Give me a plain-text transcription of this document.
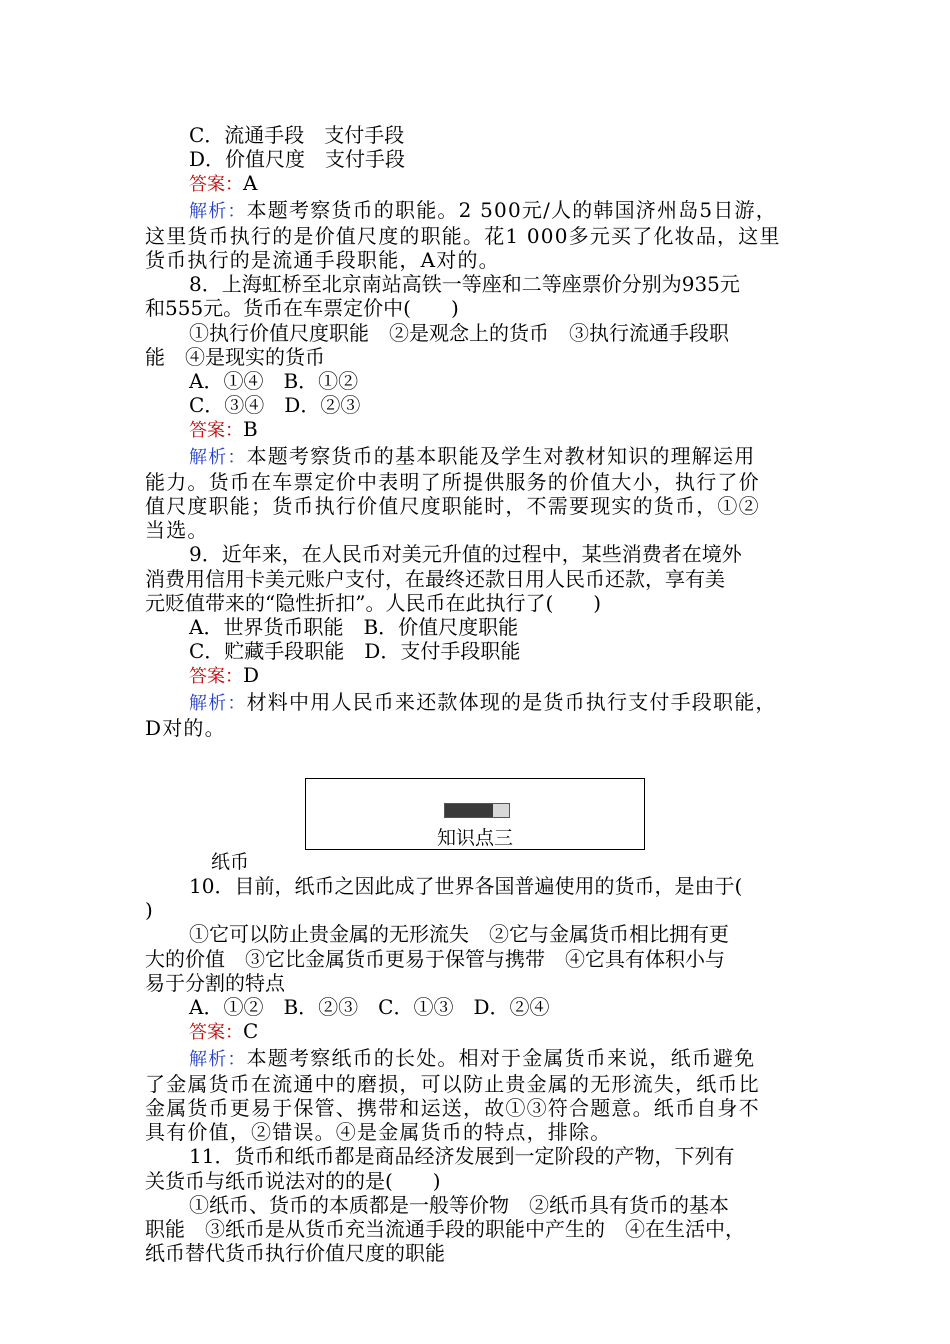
C．流通手段　支付手段
D．价值尺度　支付手段
答案：A
解析：本题考察货币的职能。2 500元/人的韩国济州岛5日游，
这里货币执行的是价值尺度的职能。花1 000多元买了化妆品，这里
货币执行的是流通手段职能，A对的。
8．上海虹桥至北京南站高铁一等座和二等座票价分别为935元
和555元。货币在车票定价中(　　)
①执行价值尺度职能　②是观念上的货币　③执行流通手段职
能　④是现实的货币
A．①④　B．①②
C．③④　D．②③
答案：B
解析：本题考察货币的基本职能及学生对教材知识的理解运用
能力。货币在车票定价中表明了所提供服务的价值大小，执行了价
值尺度职能；货币执行价值尺度职能时，不需要现实的货币，①②
当选。
9．近年来，在人民币对美元升值的过程中，某些消费者在境外
消费用信用卡美元账户支付，在最终还款日用人民币还款，享有美
元贬值带来的“隐性折扣”。人民币在此执行了(　　)
A．世界货币职能　B．价值尺度职能
C．贮藏手段职能　D．支付手段职能
答案：D
解析：材料中用人民币来还款体现的是货币执行支付手段职能，
D对的。
知识点三
纸币
10．目前，纸币之因此成了世界各国普遍使用的货币，是由于(
)
①它可以防止贵金属的无形流失　②它与金属货币相比拥有更
大的价值　③它比金属货币更易于保管与携带　④它具有体积小与
易于分割的特点
A．①②　B．②③　C．①③　D．②④
答案：C
解析：本题考察纸币的长处。相对于金属货币来说，纸币避免
了金属货币在流通中的磨损，可以防止贵金属的无形流失，纸币比
金属货币更易于保管、携带和运送，故①③符合题意。纸币自身不
具有价值，②错误。④是金属货币的特点，排除。
11．货币和纸币都是商品经济发展到一定阶段的产物，下列有
关货币与纸币说法对的的是(　　)
①纸币、货币的本质都是一般等价物　②纸币具有货币的基本
职能　③纸币是从货币充当流通手段的职能中产生的　④在生活中，
纸币替代货币执行价值尺度的职能
